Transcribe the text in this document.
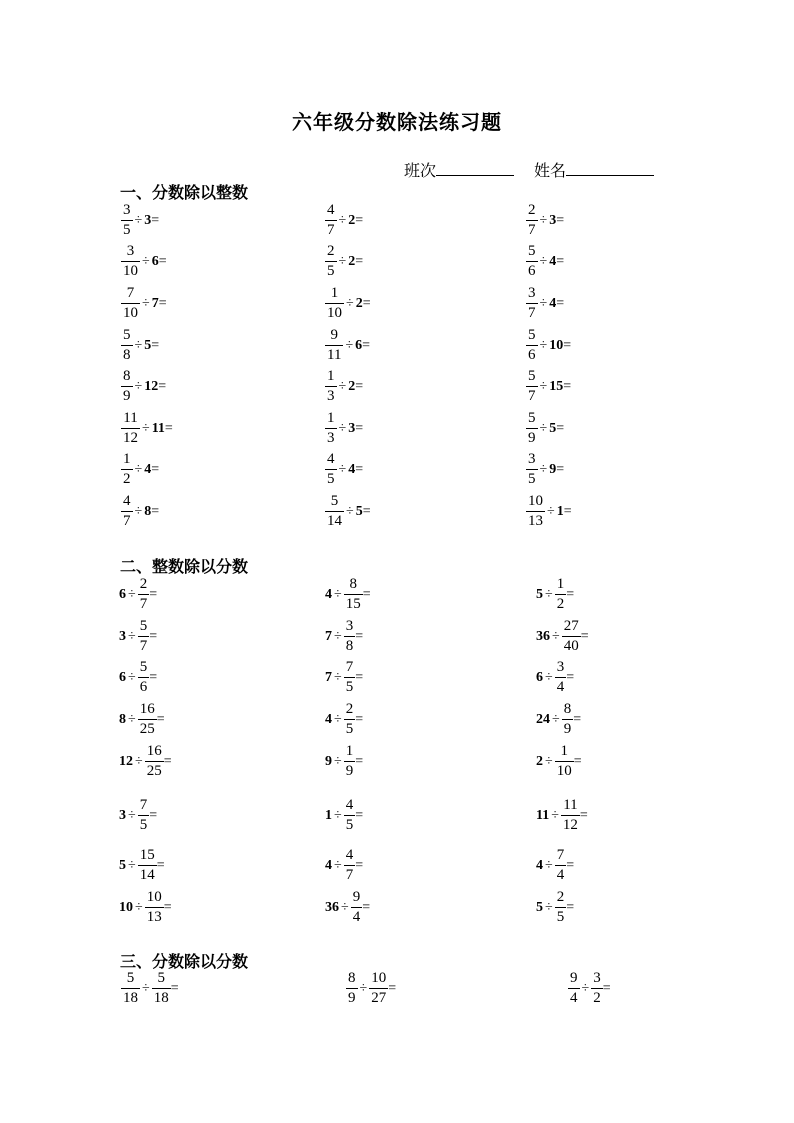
六年级分数除法练习题
班次	姓名
一、分数除以整数
二、整数除以分数
三、分数除以分数
$\frac{3}{5} \div 3$ =	$\frac{4}{7} \div 2$ =	$\frac{2}{7} \div 3$ =
$\frac{3}{10} \div 6$ =	$\frac{2}{5} \div 2$ =	$\frac{5}{6} \div 4$ =
$\frac{7}{10} \div 7$ =	$\frac{1}{10} \div 2$ =	$\frac{3}{7} \div 4$ =
$\frac{5}{8} \div 5$ =	$\frac{9}{11} \div 6$ =	$\frac{5}{6} \div 10$ =
$\frac{8}{9} \div 12$ =	$\frac{1}{3} \div 2$ =	$\frac{5}{7} \div 15$ =
$\frac{11}{12} \div 11$ =	$\frac{1}{3} \div 3$ =	$\frac{5}{9} \div 5$ =
$\frac{1}{2} \div 4$ =	$\frac{4}{5} \div 4$ =	$\frac{3}{5} \div 9$ =
$\frac{4}{7} \div 8$ =	$\frac{5}{14} \div 5$ =	$\frac{10}{13} \div 1$ =
$6 \div \frac{2}{7}$ =	$4 \div \frac{8}{15}$ =	$5 \div \frac{1}{2}$ =
$3 \div \frac{5}{7}$ =	$7 \div \frac{3}{8}$ =	$36 \div \frac{27}{40}$ =
$6 \div \frac{5}{6}$ =	$7 \div \frac{7}{5}$ =	$6 \div \frac{3}{4}$ =
$8 \div \frac{16}{25}$ =	$4 \div \frac{2}{5}$ =	$24 \div \frac{8}{9}$ =
$12 \div \frac{16}{25}$ =	$9 \div \frac{1}{9}$ =	$2 \div \frac{1}{10}$ =
$3 \div \frac{7}{5}$ =	$1 \div \frac{4}{5}$ =	$11 \div \frac{11}{12}$ =
$5 \div \frac{15}{14}$ =	$4 \div \frac{4}{7}$ =	$4 \div \frac{7}{4}$ =
$10 \div \frac{10}{13}$ =	$36 \div \frac{9}{4}$ =	$5 \div \frac{2}{5}$ =
$\frac{5}{18} \div \frac{5}{18}$ =	$\frac{8}{9} \div \frac{10}{27}$ =	$\frac{9}{4} \div \frac{3}{2}$ =
